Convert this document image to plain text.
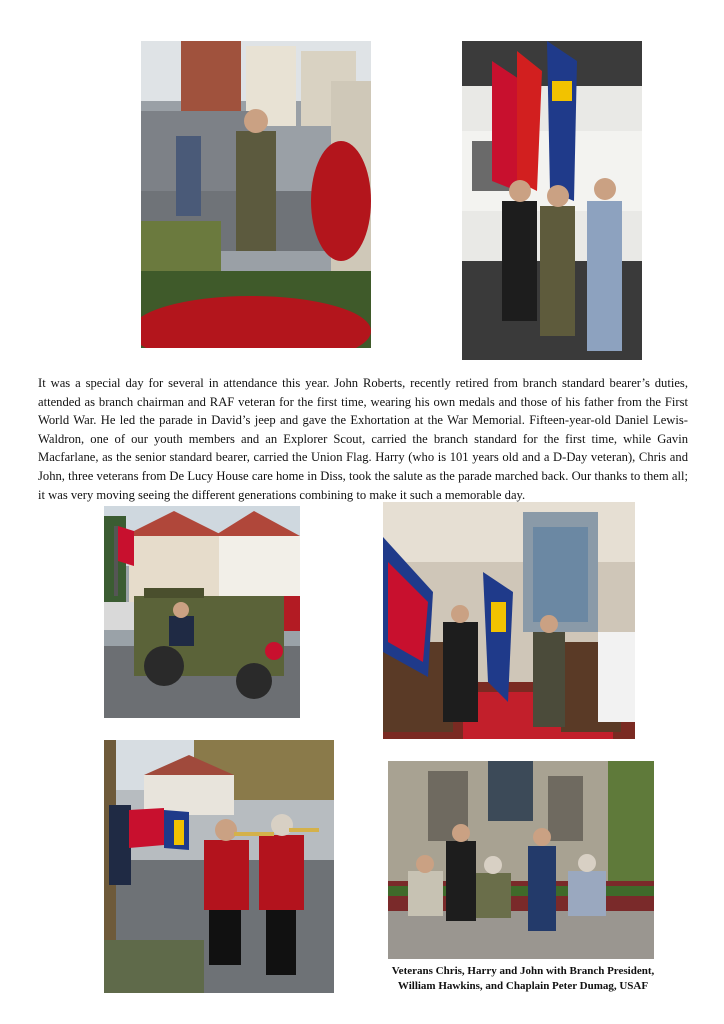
It was a special day for several in attendance this year. John Roberts, recently retired from branch standard bearer’s duties, attended as branch chairman and RAF veteran for the first time, wearing his own medals and those of his father from the First World War. He led the parade in David’s jeep and gave the Exhortation at the War Memorial. Fifteen-year-old Daniel Lewis-Waldron, one of our youth members and an Explorer Scout, carried the branch standard for the first time, while Gavin Macfarlane, as the senior standard bearer, carried the Union Flag. Harry (who is 101 years old and a D-Day veteran), Chris and John, three veterans from De Lucy House care home in Diss, took the salute as the parade marched back. Our thanks to them all; it was very moving seeing the different generations combining to make it such a memorable day.

Veterans Chris, Harry and John with Branch President, William Hawkins, and Chaplain Peter Dumag, USAF
